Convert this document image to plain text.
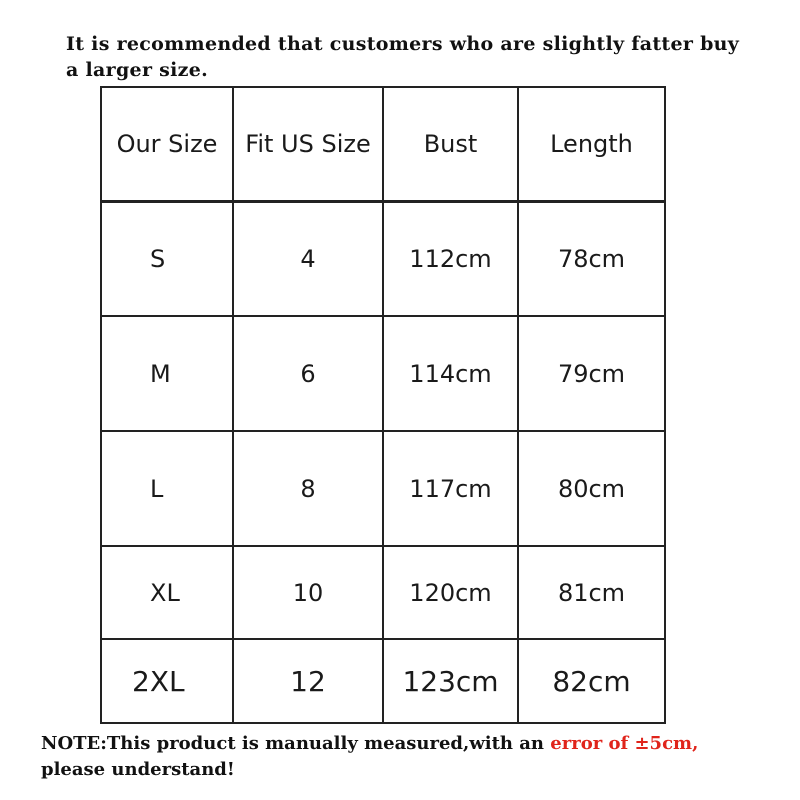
It is recommended that customers who are slightly fatter buy
a larger size.
Our Size	Fit US Size	Bust	Length
S	4	112cm	78cm
M	6	114cm	79cm
L	8	117cm	80cm
XL	10	120cm	81cm
2XL	12	123cm	82cm
NOTE:This product is manually measured,with an error of ±5cm,
please understand!
